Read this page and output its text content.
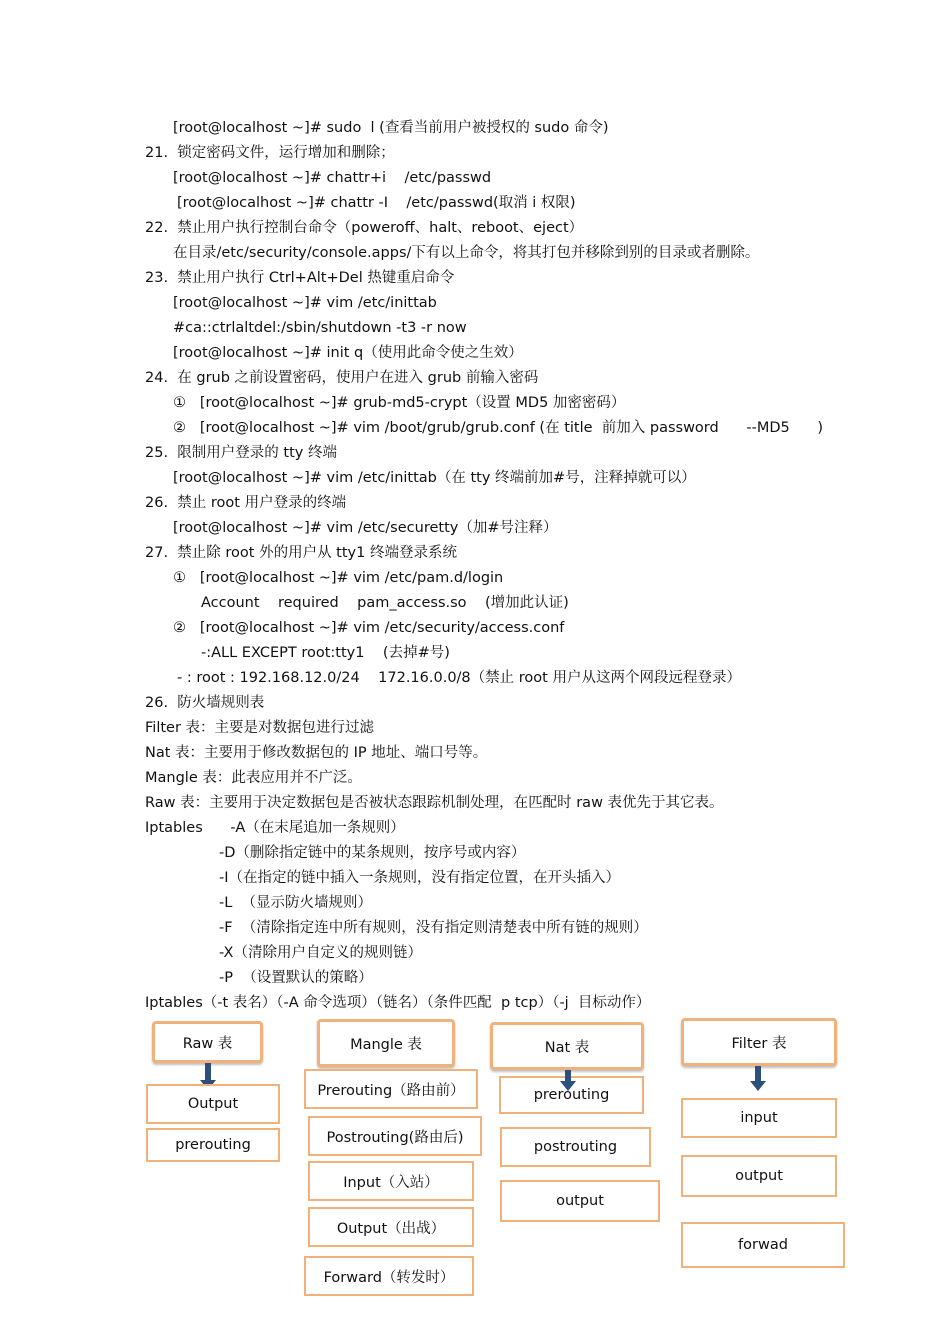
[root@localhost ~]# sudo  l (查看当前用户被授权的 sudo 命令)
21.  锁定密码文件，运行增加和删除；
[root@localhost ~]# chattr+i    /etc/passwd
[root@localhost ~]# chattr -I    /etc/passwd(取消 i 权限)
22.  禁止用户执行控制台命令（poweroff、halt、reboot、eject）
在目录/etc/security/console.apps/下有以上命令，将其打包并移除到别的目录或者删除。
23.  禁止用户执行 Ctrl+Alt+Del 热键重启命令
[root@localhost ~]# vim /etc/inittab
#ca::ctrlaltdel:/sbin/shutdown -t3 -r now
[root@localhost ~]# init q（使用此命令使之生效）
24.  在 grub 之前设置密码，使用户在进入 grub 前输入密码
①   [root@localhost ~]# grub-md5-crypt（设置 MD5 加密密码）
②   [root@localhost ~]# vim /boot/grub/grub.conf (在 title  前加入 password      --MD5      )
25.  限制用户登录的 tty 终端
[root@localhost ~]# vim /etc/inittab（在 tty 终端前加#号，注释掉就可以）
26.  禁止 root 用户登录的终端
[root@localhost ~]# vim /etc/securetty（加#号注释）
27.  禁止除 root 外的用户从 tty1 终端登录系统
①   [root@localhost ~]# vim /etc/pam.d/login
Account    required    pam_access.so    (增加此认证)
②   [root@localhost ~]# vim /etc/security/access.conf
-:ALL EXCEPT root:tty1    (去掉#号)
- : root : 192.168.12.0/24    172.16.0.0/8（禁止 root 用户从这两个网段远程登录）
26.  防火墙规则表
Filter 表：主要是对数据包进行过滤
Nat 表：主要用于修改数据包的 IP 地址、端口号等。
Mangle 表：此表应用并不广泛。
Raw 表：主要用于决定数据包是否被状态跟踪机制处理，在匹配时 raw 表优先于其它表。
Iptables      -A（在末尾追加一条规则）
-D（删除指定链中的某条规则，按序号或内容）
-I（在指定的链中插入一条规则，没有指定位置，在开头插入）
-L  （显示防火墙规则）
-F  （清除指定连中所有规则，没有指定则清楚表中所有链的规则）
-X（清除用户自定义的规则链）
-P  （设置默认的策略）
Iptables（-t 表名）（-A 命令选项）（链名）（条件匹配  p tcp）（-j  目标动作）
Raw 表
Output
prerouting
Mangle 表
Prerouting（路由前）
Postrouting(路由后)
Input（入站）
Output（出战）
Forward（转发时）
Nat 表
prerouting
postrouting
output
Filter 表
input
output
forwad
